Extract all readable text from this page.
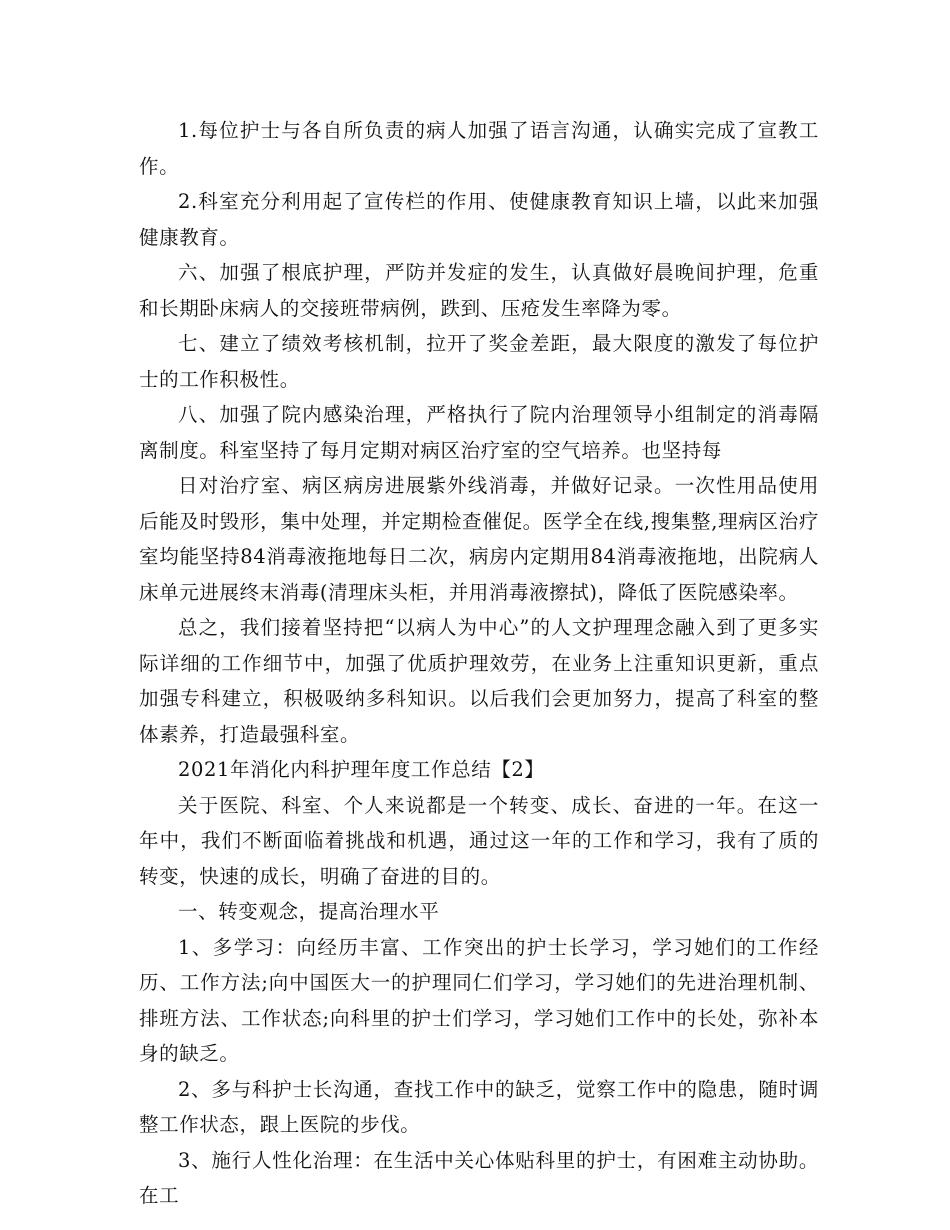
1.每位护士与各自所负责的病人加强了语言沟通，认确实完成了宣教工作。

2.科室充分利用起了宣传栏的作用、使健康教育知识上墙，以此来加强健康教育。

六、加强了根底护理，严防并发症的发生，认真做好晨晚间护理，危重和长期卧床病人的交接班带病例，跌到、压疮发生率降为零。

七、建立了绩效考核机制，拉开了奖金差距，最大限度的激发了每位护士的工作积极性。

八、加强了院内感染治理，严格执行了院内治理领导小组制定的消毒隔离制度。科室坚持了每月定期对病区治疗室的空气培养。也坚持每

日对治疗室、病区病房进展紫外线消毒，并做好记录。一次性用品使用后能及时毁形，集中处理，并定期检查催促。医学全在线,搜集整,理病区治疗室均能坚持84消毒液拖地每日二次，病房内定期用84消毒液拖地，出院病人床单元进展终末消毒(清理床头柜，并用消毒液擦拭)，降低了医院感染率。

总之，我们接着坚持把“以病人为中心”的人文护理理念融入到了更多实际详细的工作细节中，加强了优质护理效劳，在业务上注重知识更新，重点加强专科建立，积极吸纳多科知识。以后我们会更加努力，提高了科室的整体素养，打造最强科室。

2021年消化内科护理年度工作总结【2】

关于医院、科室、个人来说都是一个转变、成长、奋进的一年。在这一年中，我们不断面临着挑战和机遇，通过这一年的工作和学习，我有了质的转变，快速的成长，明确了奋进的目的。

一、转变观念，提高治理水平

1、多学习：向经历丰富、工作突出的护士长学习，学习她们的工作经历、工作方法;向中国医大一的护理同仁们学习，学习她们的先进治理机制、排班方法、工作状态;向科里的护士们学习，学习她们工作中的长处，弥补本身的缺乏。

2、多与科护士长沟通，查找工作中的缺乏，觉察工作中的隐患，随时调整工作状态，跟上医院的步伐。

3、施行人性化治理：在生活中关心体贴科里的护士，有困难主动协助。在工
